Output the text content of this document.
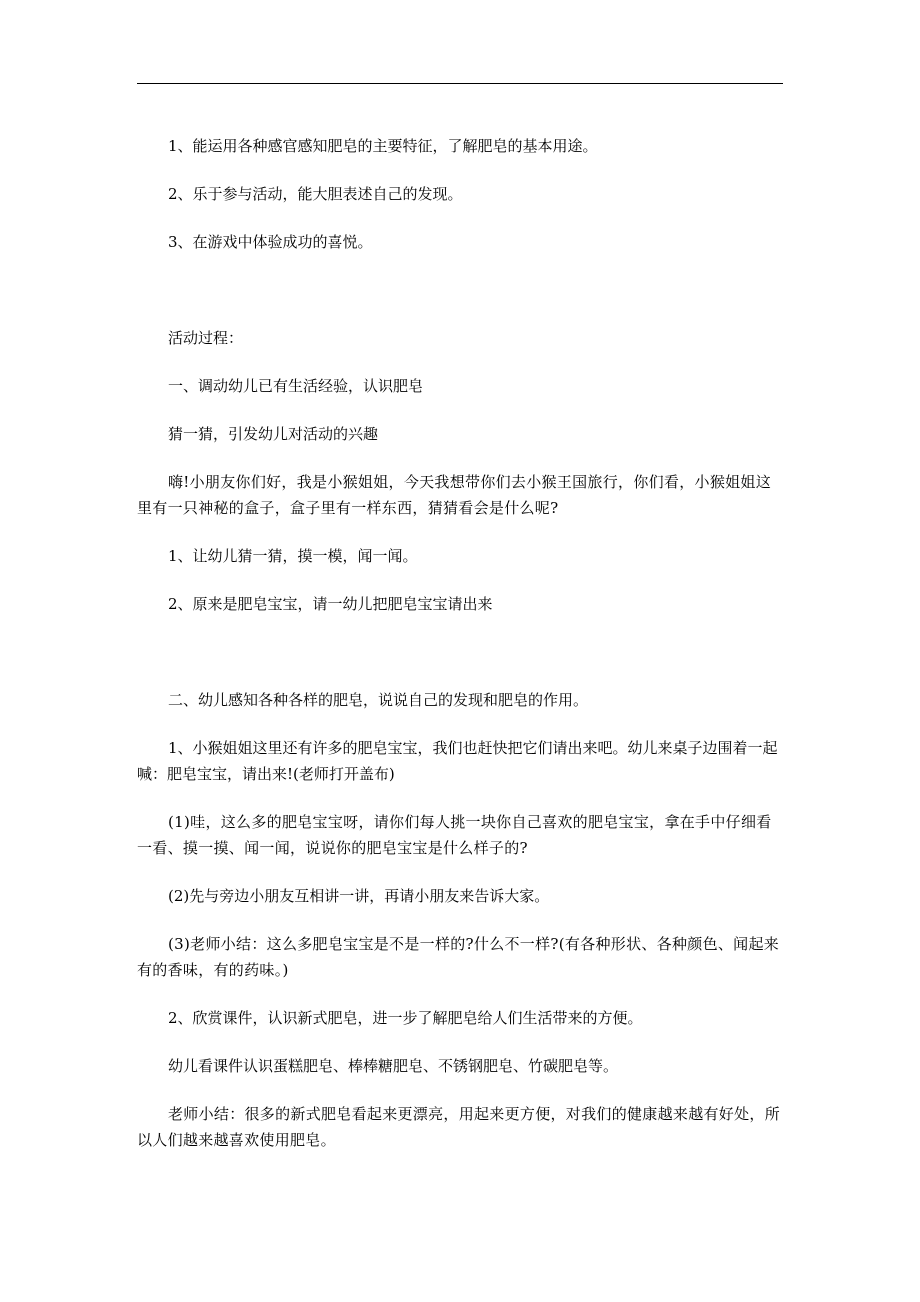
1、能运用各种感官感知肥皂的主要特征，了解肥皂的基本用途。

2、乐于参与活动，能大胆表述自己的发现。

3、在游戏中体验成功的喜悦。

活动过程：

一、调动幼儿已有生活经验，认识肥皂

猜一猜，引发幼儿对活动的兴趣

嗨!小朋友你们好，我是小猴姐姐，今天我想带你们去小猴王国旅行，你们看，小猴姐姐这里有一只神秘的盒子，盒子里有一样东西，猜猜看会是什么呢?

1、让幼儿猜一猜，摸一模，闻一闻。

2、原来是肥皂宝宝，请一幼儿把肥皂宝宝请出来

二、幼儿感知各种各样的肥皂，说说自己的发现和肥皂的作用。

1、小猴姐姐这里还有许多的肥皂宝宝，我们也赶快把它们请出来吧。幼儿来桌子边围着一起喊：肥皂宝宝，请出来!(老师打开盖布)

(1)哇，这么多的肥皂宝宝呀，请你们每人挑一块你自己喜欢的肥皂宝宝，拿在手中仔细看一看、摸一摸、闻一闻，说说你的肥皂宝宝是什么样子的?

(2)先与旁边小朋友互相讲一讲，再请小朋友来告诉大家。

(3)老师小结：这么多肥皂宝宝是不是一样的?什么不一样?(有各种形状、各种颜色、闻起来有的香味，有的药味。)

2、欣赏课件，认识新式肥皂，进一步了解肥皂给人们生活带来的方便。

幼儿看课件认识蛋糕肥皂、棒棒糖肥皂、不锈钢肥皂、竹碳肥皂等。

老师小结：很多的新式肥皂看起来更漂亮，用起来更方便，对我们的健康越来越有好处，所以人们越来越喜欢使用肥皂。
